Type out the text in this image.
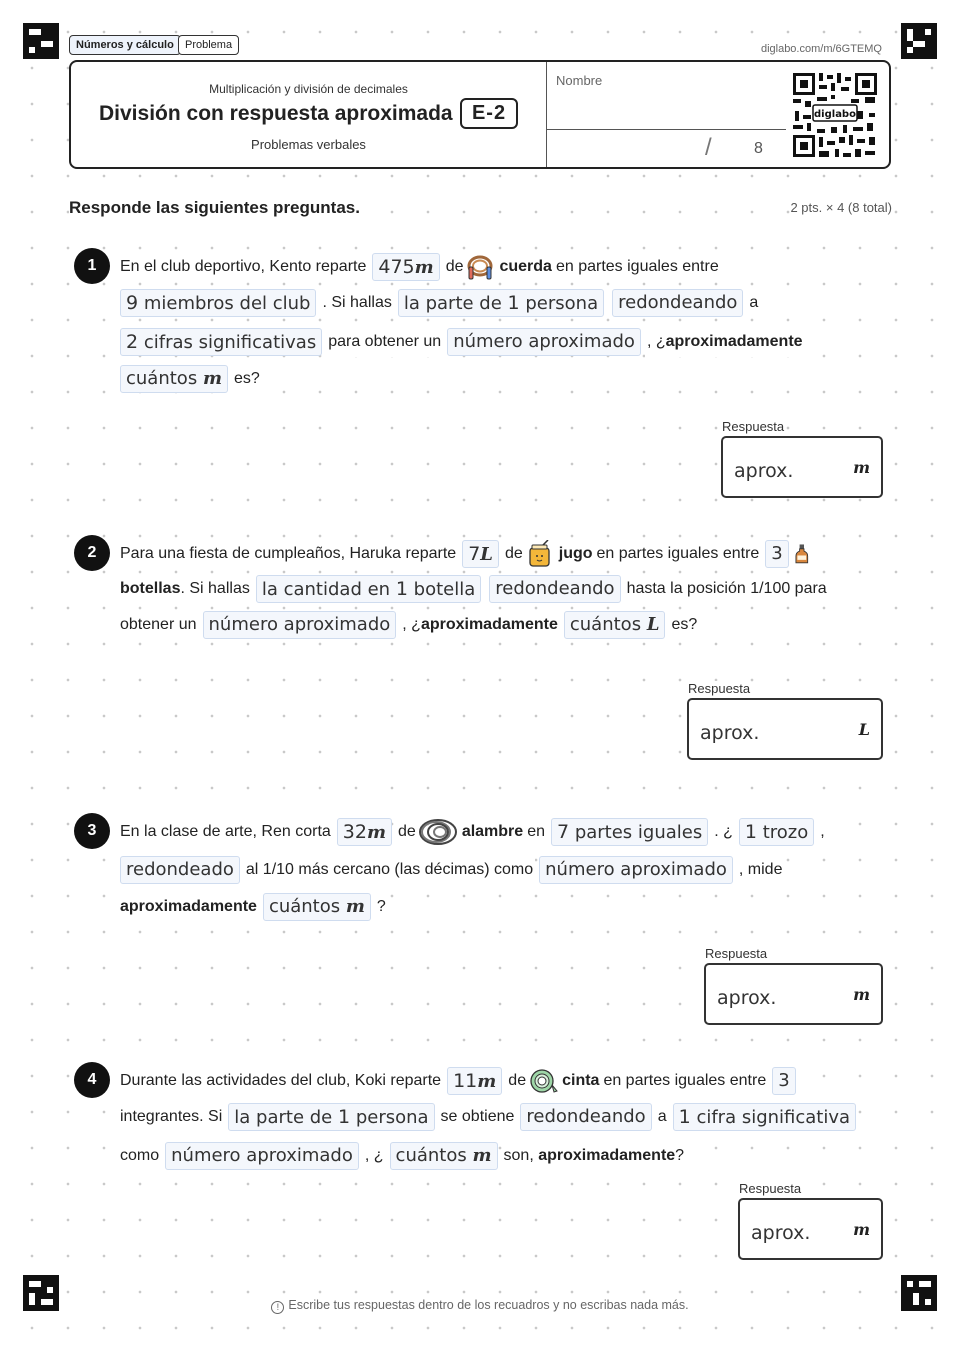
Números y cálculo	Problema	diglabo.com/m/6GTEMQ
Multiplicación y división de decimales
División con respuesta aproximada E-2
Problemas verbales
Nombre
/	8
diglabo
Responde las siguientes preguntas.	2 pts. × 4 (8 total)
1	En el club deportivo, Kento reparte 475m de cuerda en partes iguales entre
9 miembros del club . Si hallas la parte de 1 persona	redondeando a
2 cifras significativas para obtener un número aproximado , ¿aproximadamente
cuántos m es?
Respuesta
aprox.	m
2	Para una fiesta de cumpleaños, Haruka reparte 7L de jugo en partes iguales entre 3
botellas. Si hallas la cantidad en 1 botella	redondeando hasta la posición 1/100 para
obtener un número aproximado , ¿aproximadamente cuántos L es?
Respuesta
aprox.	L
3	En la clase de arte, Ren corta 32m de	alambre en 7 partes iguales . ¿ 1 trozo ,
redondeado al 1/10 más cercano (las décimas) como número aproximado , mide
aproximadamente cuántos m ?
Respuesta
aprox.	m
4	Durante las actividades del club, Koki reparte 11m de cinta en partes iguales entre 3
integrantes. Si la parte de 1 persona se obtiene redondeando a 1 cifra significativa
como número aproximado , ¿ cuántos m son, aproximadamente?
Respuesta
aprox.	m
! Escribe tus respuestas dentro de los recuadros y no escribas nada más.
